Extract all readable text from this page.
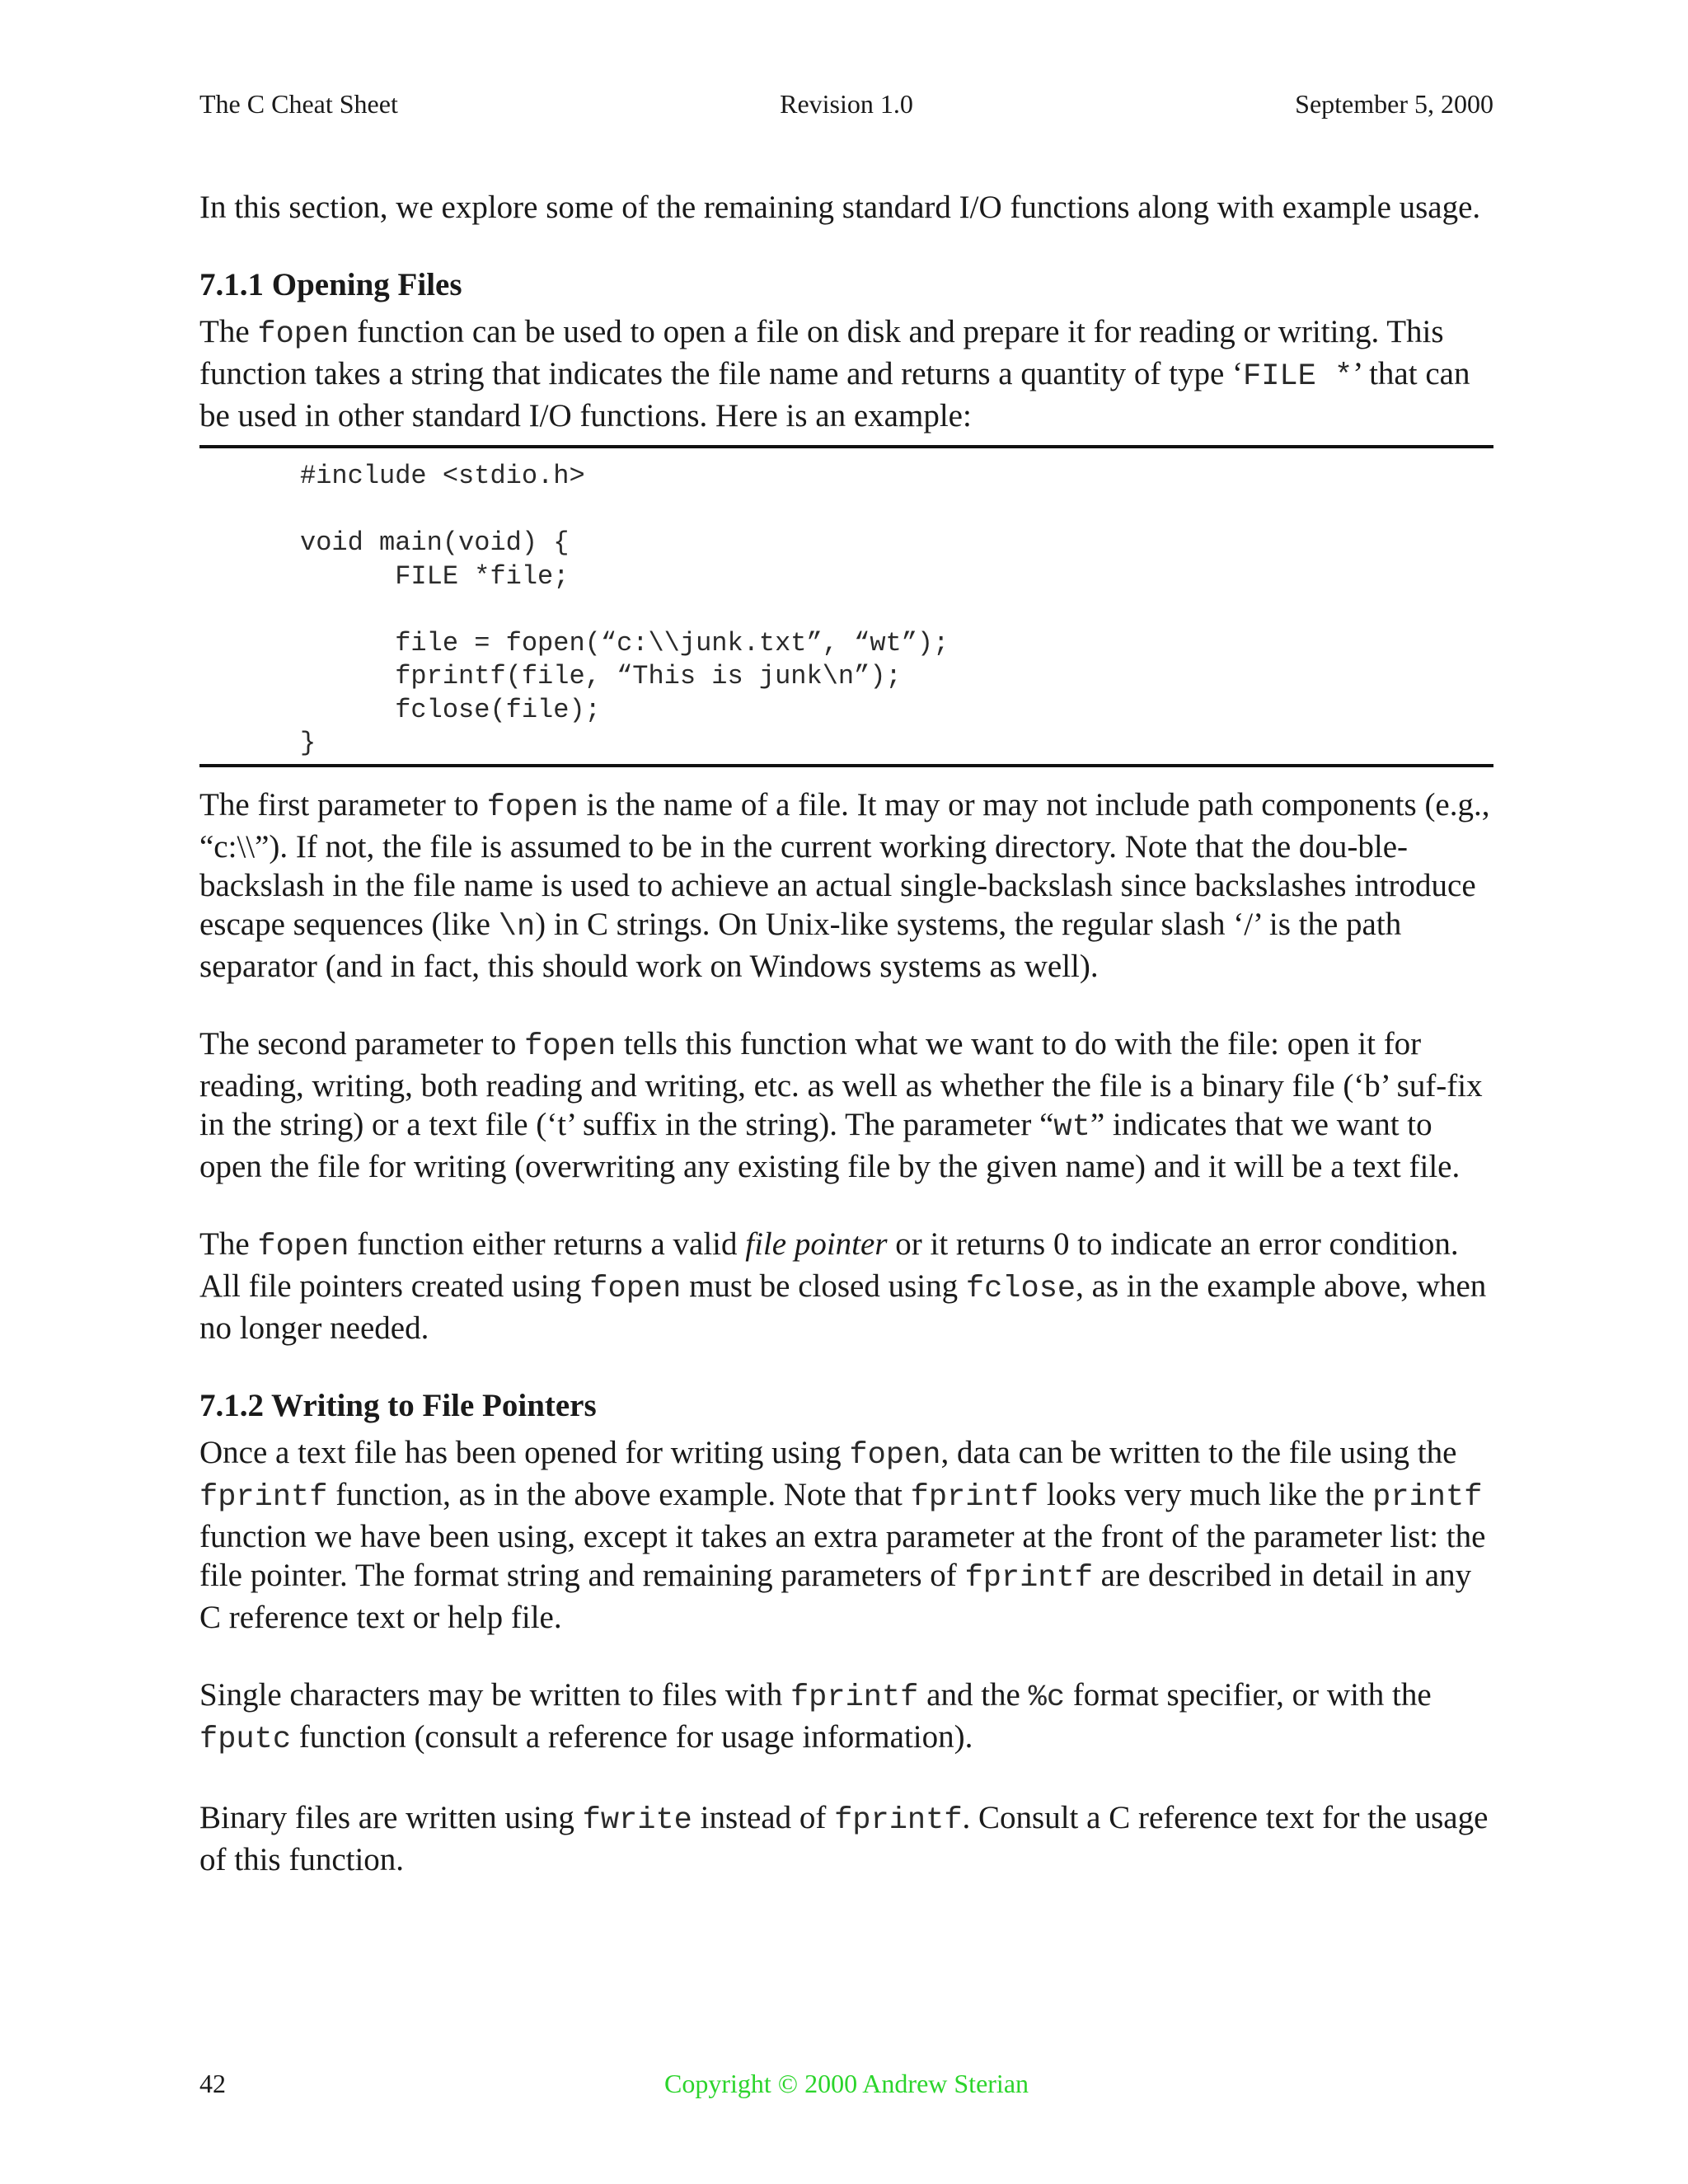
The C Cheat Sheet	Revision 1.0	September 5, 2000

In this section, we explore some of the remaining standard I/O functions along with example usage.

7.1.1 Opening Files

The fopen function can be used to open a file on disk and prepare it for reading or writing. This function takes a string that indicates the file name and returns a quantity of type ‘FILE *’ that can be used in other standard I/O functions. Here is an example:

#include <stdio.h>
void main(void) {
FILE *file;
file = fopen(“c:\\junk.txt”, “wt”);
fprintf(file, “This is junk\n”);
fclose(file);
}

The first parameter to fopen is the name of a file. It may or may not include path components (e.g., “c:\\”). If not, the file is assumed to be in the current working directory. Note that the dou-ble-backslash in the file name is used to achieve an actual single-backslash since backslashes introduce escape sequences (like \n) in C strings. On Unix-like systems, the regular slash ‘/’ is the path separator (and in fact, this should work on Windows systems as well).

The second parameter to fopen tells this function what we want to do with the file: open it for reading, writing, both reading and writing, etc. as well as whether the file is a binary file (‘b’ suf-fix in the string) or a text file (‘t’ suffix in the string). The parameter “wt” indicates that we want to open the file for writing (overwriting any existing file by the given name) and it will be a text file.

The fopen function either returns a valid file pointer or it returns 0 to indicate an error condition. All file pointers created using fopen must be closed using fclose, as in the example above, when no longer needed.

7.1.2 Writing to File Pointers

Once a text file has been opened for writing using fopen, data can be written to the file using the fprintf function, as in the above example. Note that fprintf looks very much like the printf function we have been using, except it takes an extra parameter at the front of the parameter list: the file pointer. The format string and remaining parameters of fprintf are described in detail in any C reference text or help file.

Single characters may be written to files with fprintf and the %c format specifier, or with the fputc function (consult a reference for usage information).

Binary files are written using fwrite instead of fprintf. Consult a C reference text for the usage of this function.

42	Copyright © 2000 Andrew Sterian
